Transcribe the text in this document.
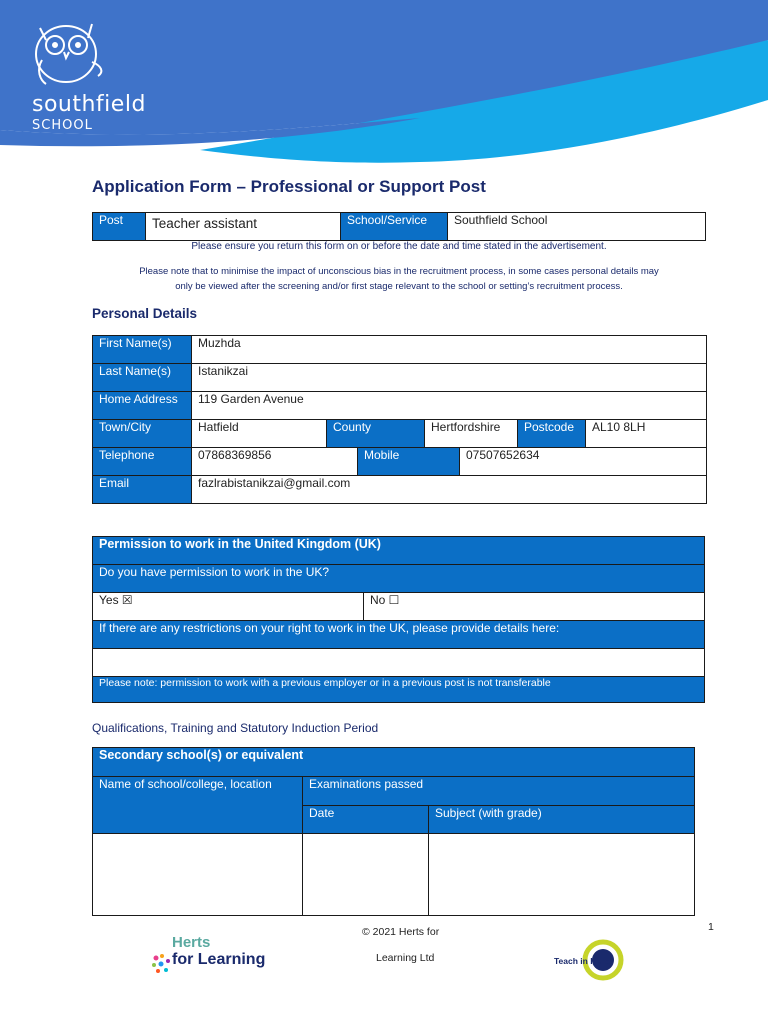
southfield
SCHOOL
Application Form – Professional or Support Post
Post	Teacher assistant	School/Service	Southfield School
Please ensure you return this form on or before the date and time stated in the advertisement.
Please note that to minimise the impact of unconscious bias in the recruitment process, in some cases personal details may
only be viewed after the screening and/or first stage relevant to the school or setting’s recruitment process.
Personal Details
First Name(s)	Muzhda						
Last Name(s)	Istanikzai						
Home Address	119 Garden Avenue						
Town/City	Hatfield	County		Hertfordshire		Postcode	AL10 8LH
Telephone	07868369856		Mobile		07507652634		
Email	fazlrabistanikzai@gmail.com						
Permission to work in the United Kingdom (UK)
Do you have permission to work in the UK?
Yes ☒	No ☐
If there are any restrictions on your right to work in the UK, please provide details here:

Please note: permission to work with a previous employer or in a previous post is not transferable
Qualifications, Training and Statutory Induction Period
Secondary school(s) or equivalent		
Name of school/college, location	Examinations passed	
	Date	Subject (with grade)

© 2021 Herts for
Learning Ltd
1
Herts
for Learning	Teach in Herts
